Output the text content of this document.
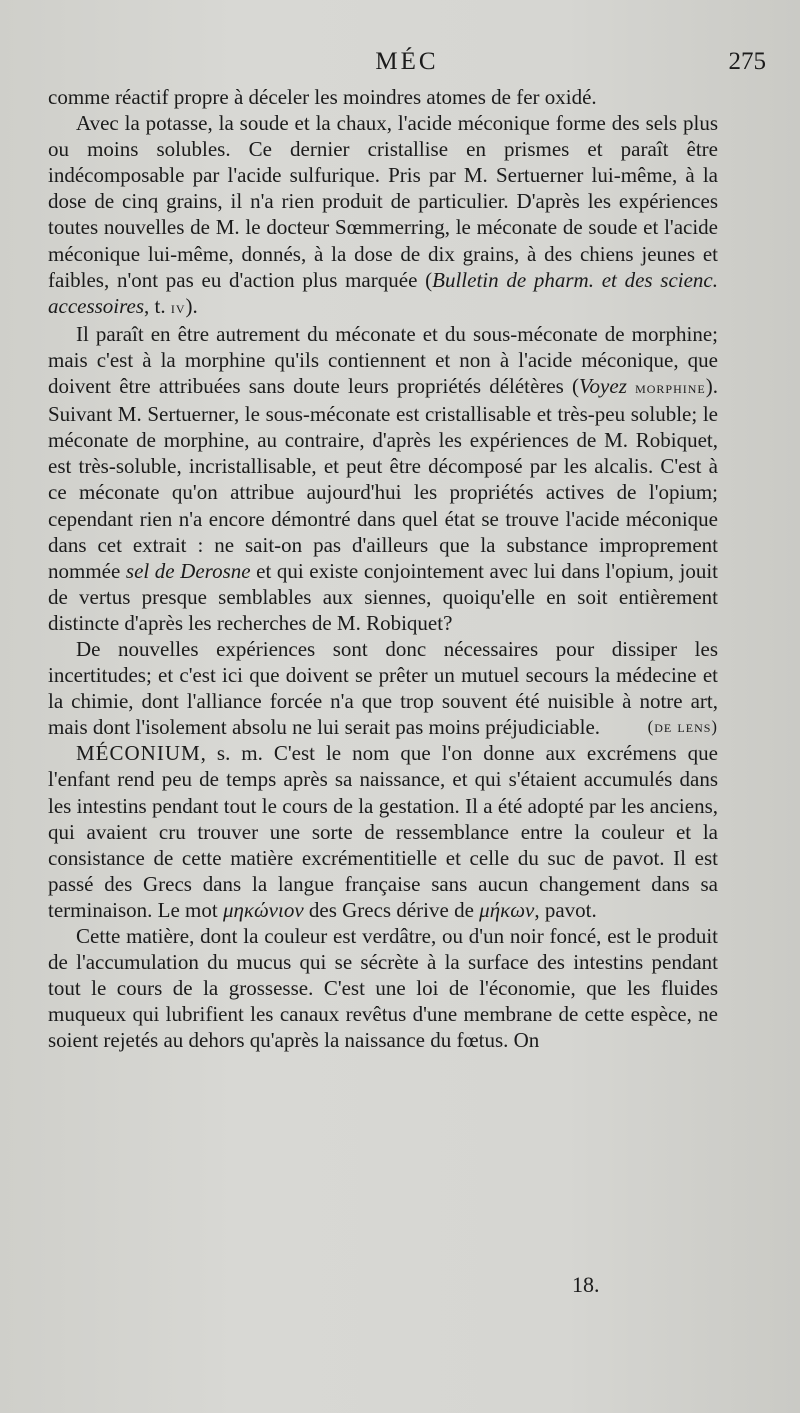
MÉC	275

comme réactif propre à déceler les moindres atomes de fer oxidé.

Avec la potasse, la soude et la chaux, l'acide méconique forme des sels plus ou moins solubles. Ce dernier cristallise en prismes et paraît être indécomposable par l'acide sulfurique. Pris par M. Sertuerner lui-même, à la dose de cinq grains, il n'a rien produit de particulier. D'après les expériences toutes nouvelles de M. le docteur Sœmmerring, le méconate de soude et l'acide méconique lui-même, donnés, à la dose de dix grains, à des chiens jeunes et faibles, n'ont pas eu d'action plus marquée (Bulletin de pharm. et des scienc. accessoires, t. iv).

Il paraît en être autrement du méconate et du sous-méconate de morphine; mais c'est à la morphine qu'ils contiennent et non à l'acide méconique, que doivent être attribuées sans doute leurs propriétés délétères (Voyez morphine). Suivant M. Sertuerner, le sous-méconate est cristallisable et très-peu soluble; le méconate de morphine, au contraire, d'après les expériences de M. Robiquet, est très-soluble, incristallisable, et peut être décomposé par les alcalis. C'est à ce méconate qu'on attribue aujourd'hui les propriétés actives de l'opium; cependant rien n'a encore démontré dans quel état se trouve l'acide méconique dans cet extrait : ne sait-on pas d'ailleurs que la substance improprement nommée sel de Derosne et qui existe conjointement avec lui dans l'opium, jouit de vertus presque semblables aux siennes, quoiqu'elle en soit entièrement distincte d'après les recherches de M. Robiquet?

De nouvelles expériences sont donc nécessaires pour dissiper les incertitudes; et c'est ici que doivent se prêter un mutuel secours la médecine et la chimie, dont l'alliance forcée n'a que trop souvent été nuisible à notre art, mais dont l'isolement absolu ne lui serait pas moins préjudiciable.	(de lens)

MÉCONIUM, s. m. C'est le nom que l'on donne aux excrémens que l'enfant rend peu de temps après sa naissance, et qui s'étaient accumulés dans les intestins pendant tout le cours de la gestation. Il a été adopté par les anciens, qui avaient cru trouver une sorte de ressemblance entre la couleur et la consistance de cette matière excrémentitielle et celle du suc de pavot. Il est passé des Grecs dans la langue française sans aucun changement dans sa terminaison. Le mot μηκώνιον des Grecs dérive de μήκων, pavot.

Cette matière, dont la couleur est verdâtre, ou d'un noir foncé, est le produit de l'accumulation du mucus qui se sécrète à la surface des intestins pendant tout le cours de la grossesse. C'est une loi de l'économie, que les fluides muqueux qui lubrifient les canaux revêtus d'une membrane de cette espèce, ne soient rejetés au dehors qu'après la naissance du fœtus. On

18.
